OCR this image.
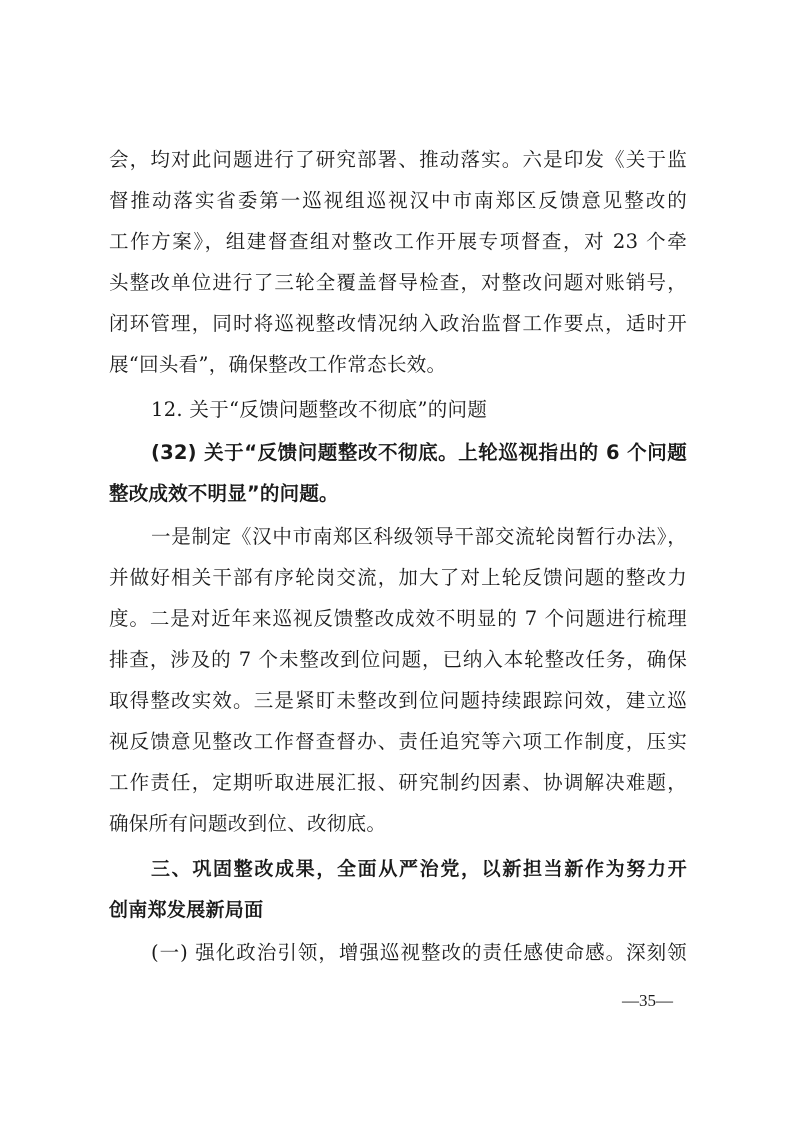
会，均对此问题进行了研究部署、推动落实。六是印发《关于监
督推动落实省委第一巡视组巡视汉中市南郑区反馈意见整改的
工作方案》，组建督查组对整改工作开展专项督查，对 23 个牵
头整改单位进行了三轮全覆盖督导检查，对整改问题对账销号，
闭环管理，同时将巡视整改情况纳入政治监督工作要点，适时开
展“回头看”，确保整改工作常态长效。
12. 关于“反馈问题整改不彻底”的问题
(32) 关于“反馈问题整改不彻底。上轮巡视指出的 6 个问题
整改成效不明显”的问题。
一是制定《汉中市南郑区科级领导干部交流轮岗暂行办法》，
并做好相关干部有序轮岗交流，加大了对上轮反馈问题的整改力
度。二是对近年来巡视反馈整改成效不明显的 7 个问题进行梳理
排查，涉及的 7 个未整改到位问题，已纳入本轮整改任务，确保
取得整改实效。三是紧盯未整改到位问题持续跟踪问效，建立巡
视反馈意见整改工作督查督办、责任追究等六项工作制度，压实
工作责任，定期听取进展汇报、研究制约因素、协调解决难题，
确保所有问题改到位、改彻底。
三、巩固整改成果，全面从严治党，以新担当新作为努力开
创南郑发展新局面
(一) 强化政治引领，增强巡视整改的责任感使命感。深刻领
—35—
